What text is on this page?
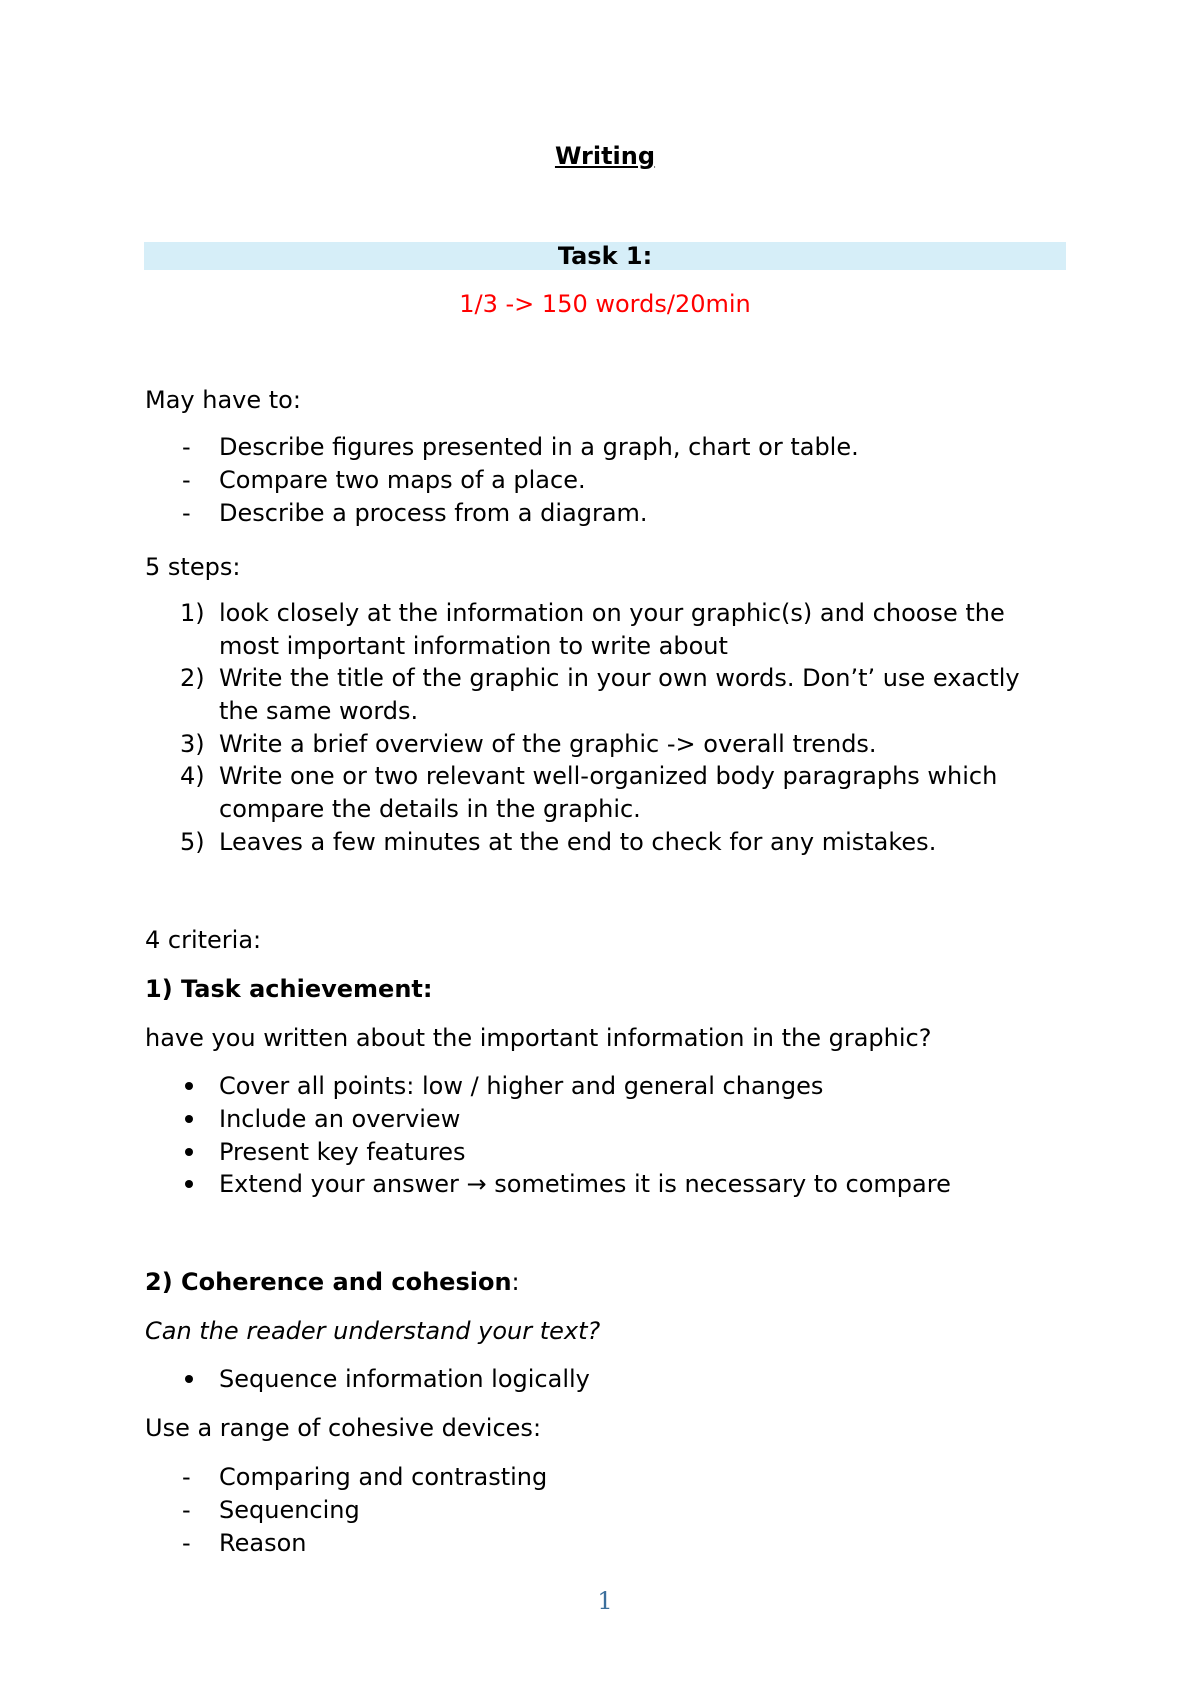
Writing
Task 1:
1/3 -> 150 words/20min
May have to:
- Describe figures presented in a graph, chart or table.
- Compare two maps of a place.
- Describe a process from a diagram.
5 steps:
1) look closely at the information on your graphic(s) and choose the
most important information to write about
2) Write the title of the graphic in your own words. Don’t’ use exactly
the same words.
3) Write a brief overview of the graphic -> overall trends.
4) Write one or two relevant well-organized body paragraphs which
compare the details in the graphic.
5) Leaves a few minutes at the end to check for any mistakes.
4 criteria:
1) Task achievement:
have you written about the important information in the graphic?
Cover all points: low / higher and general changes
Include an overview
Present key features
Extend your answer → sometimes it is necessary to compare
2) Coherence and cohesion:
Can the reader understand your text?
Sequence information logically
Use a range of cohesive devices:
- Comparing and contrasting
- Sequencing
- Reason
1
